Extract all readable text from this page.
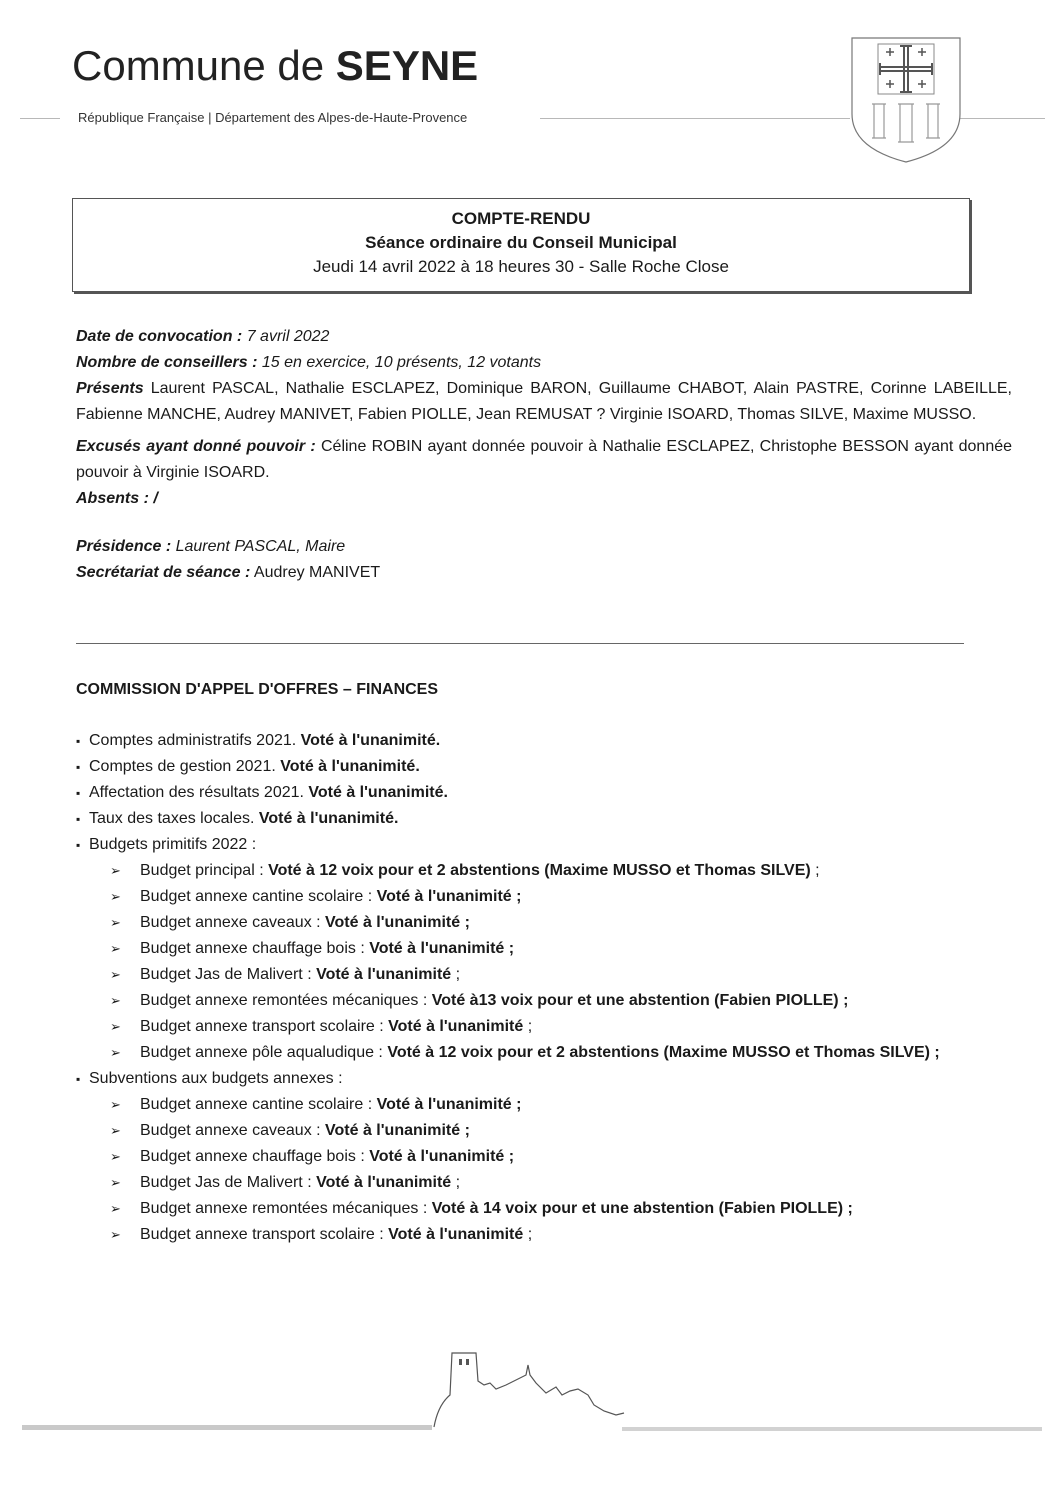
Commune de SEYNE
République Française | Département des Alpes-de-Haute-Provence
COMPTE-RENDU
Séance ordinaire du Conseil Municipal
Jeudi 14 avril 2022 à 18 heures 30 - Salle Roche Close

Date de convocation : 7 avril 2022

Nombre de conseillers : 15 en exercice, 10 présents, 12 votants

Présents Laurent PASCAL, Nathalie ESCLAPEZ, Dominique BARON, Guillaume CHABOT, Alain PASTRE, Corinne LABEILLE, Fabienne MANCHE, Audrey MANIVET, Fabien PIOLLE, Jean REMUSAT ? Virginie ISOARD, Thomas SILVE, Maxime MUSSO.

Excusés ayant donné pouvoir : Céline ROBIN ayant donnée pouvoir à Nathalie ESCLAPEZ, Christophe BESSON ayant donnée pouvoir à Virginie ISOARD.

Absents : /

Présidence : Laurent PASCAL, Maire

Secrétariat de séance : Audrey MANIVET

COMMISSION D'APPEL D'OFFRES – FINANCES
▪ Comptes administratifs 2021. Voté à l'unanimité.
▪ Comptes de gestion 2021. Voté à l'unanimité.
▪ Affectation des résultats 2021. Voté à l'unanimité.
▪ Taux des taxes locales. Voté à l'unanimité.
▪ Budgets primitifs 2022 :
➢ Budget principal : Voté à 12 voix pour et 2 abstentions (Maxime MUSSO et Thomas SILVE) ;
➢ Budget annexe cantine scolaire : Voté à l'unanimité ;
➢ Budget annexe caveaux : Voté à l'unanimité ;
➢ Budget annexe chauffage bois : Voté à l'unanimité ;
➢ Budget Jas de Malivert : Voté à l'unanimité ;
➢ Budget annexe remontées mécaniques : Voté à13 voix pour et une abstention (Fabien PIOLLE) ;
➢ Budget annexe transport scolaire : Voté à l'unanimité ;
➢ Budget annexe pôle aqualudique : Voté à 12 voix pour et 2 abstentions (Maxime MUSSO et Thomas SILVE) ;
▪ Subventions aux budgets annexes :
➢ Budget annexe cantine scolaire : Voté à l'unanimité ;
➢ Budget annexe caveaux : Voté à l'unanimité ;
➢ Budget annexe chauffage bois : Voté à l'unanimité ;
➢ Budget Jas de Malivert : Voté à l'unanimité ;
➢ Budget annexe remontées mécaniques : Voté à 14 voix pour et une abstention (Fabien PIOLLE) ;
➢ Budget annexe transport scolaire : Voté à l'unanimité ;
